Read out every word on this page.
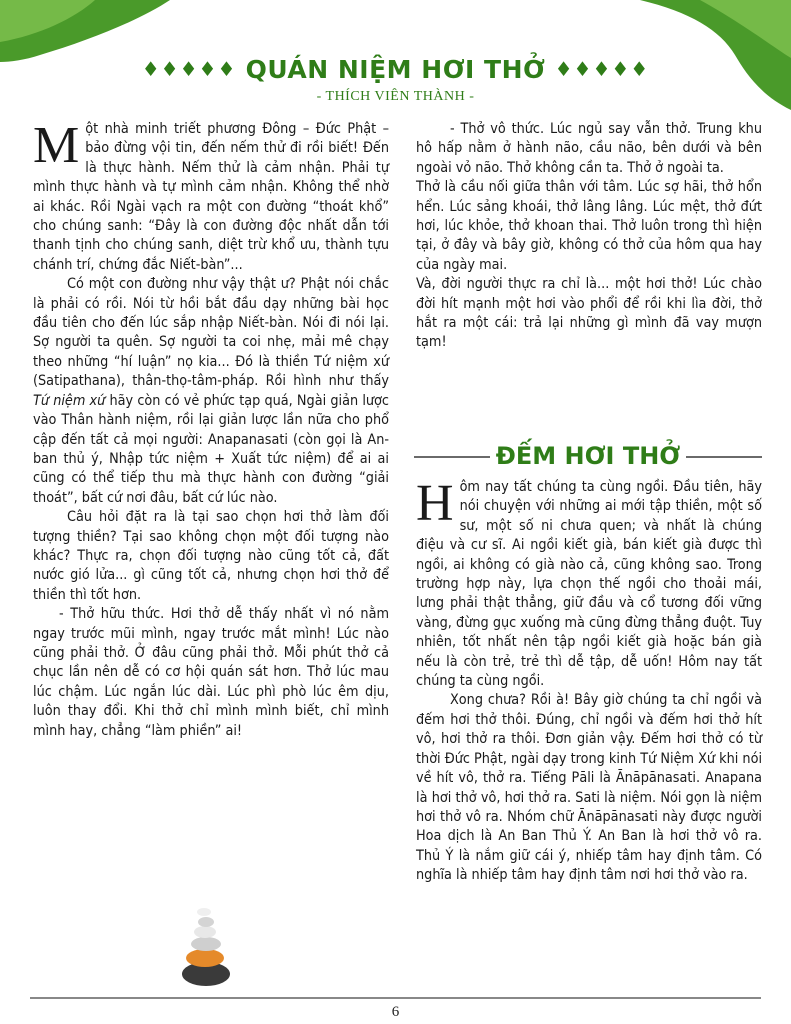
♦♦♦♦♦ QUÁN NIỆM HƠI THỞ ♦♦♦♦♦
- THÍCH VIÊN THÀNH -

Một nhà minh triết phương Đông – Đức Phật – bảo đừng vội tin, đến nếm thử đi rồi biết! Đến là thực hành. Nếm thử là cảm nhận. Phải tự mình thực hành và tự mình cảm nhận. Không thể nhờ ai khác. Rồi Ngài vạch ra một con đường “thoát khổ” cho chúng sanh: “Đây là con đường độc nhất dẫn tới thanh tịnh cho chúng sanh, diệt trừ khổ ưu, thành tựu chánh trí, chứng đắc Niết-bàn”...

Có một con đường như vậy thật ư? Phật nói chắc là phải có rồi. Nói từ hồi bắt đầu dạy những bài học đầu tiên cho đến lúc sắp nhập Niết-bàn. Nói đi nói lại. Sợ người ta quên. Sợ người ta coi nhẹ, mải mê chạy theo những “hí luận” nọ kia... Đó là thiền Tứ niệm xứ (Satipathana), thân-thọ-tâm-pháp. Rồi hình như thấy Tứ niệm xứ hãy còn có vẻ phức tạp quá, Ngài giản lược vào Thân hành niệm, rồi lại giản lược lần nữa cho phổ cập đến tất cả mọi người: Anapanasati (còn gọi là An-ban thủ ý, Nhập tức niệm + Xuất tức niệm) để ai ai cũng có thể tiếp thu mà thực hành con đường “giải thoát”, bất cứ nơi đâu, bất cứ lúc nào.

Câu hỏi đặt ra là tại sao chọn hơi thở làm đối tượng thiền? Tại sao không chọn một đối tượng nào khác? Thực ra, chọn đối tượng nào cũng tốt cả, đất nước gió lửa... gì cũng tốt cả, nhưng chọn hơi thở để thiền thì tốt hơn.

- Thở hữu thức. Hơi thở dễ thấy nhất vì nó nằm ngay trước mũi mình, ngay trước mắt mình! Lúc nào cũng phải thở. Ở đâu cũng phải thở. Mỗi phút thở cả chục lần nên dễ có cơ hội quán sát hơn. Thở lúc mau lúc chậm. Lúc ngắn lúc dài. Lúc phì phò lúc êm dịu, luôn thay đổi. Khi thở chỉ mình mình biết, chỉ mình mình hay, chẳng “làm phiền” ai!

- Thở vô thức. Lúc ngủ say vẫn thở. Trung khu hô hấp nằm ở hành não, cầu não, bên dưới và bên ngoài vỏ não. Thở không cần ta. Thở ở ngoài ta.

Thở là cầu nối giữa thân với tâm. Lúc sợ hãi, thở hổn hển. Lúc sảng khoái, thở lâng lâng. Lúc mệt, thở đứt hơi, lúc khỏe, thở khoan thai. Thở luôn trong thì hiện tại, ở đây và bây giờ, không có thở của hôm qua hay của ngày mai.

Và, đời người thực ra chỉ là... một hơi thở! Lúc chào đời hít mạnh một hơi vào phổi để rồi khi lìa đời, thở hắt ra một cái: trả lại những gì mình đã vay mượn tạm!

ĐẾM HƠI THỞ

Hôm nay tất chúng ta cùng ngồi. Đầu tiên, hãy nói chuyện với những ai mới tập thiền, một số sư, một số ni chưa quen; và nhất là chúng điệu và cư sĩ. Ai ngồi kiết già, bán kiết già được thì ngồi, ai không có già nào cả, cũng không sao. Trong trường hợp này, lựa chọn thế ngồi cho thoải mái, lưng phải thật thẳng, giữ đầu và cổ tương đối vững vàng, đừng gục xuống mà cũng đừng thẳng đuột. Tuy nhiên, tốt nhất nên tập ngồi kiết già hoặc bán già nếu là còn trẻ, trẻ thì dễ tập, dễ uốn! Hôm nay tất chúng ta cùng ngồi.

Xong chưa? Rồi à! Bây giờ chúng ta chỉ ngồi và đếm hơi thở thôi. Đúng, chỉ ngồi và đếm hơi thở hít vô, hơi thở ra thôi. Đơn giản vậy. Đếm hơi thở có từ thời Đức Phật, ngài dạy trong kinh Tứ Niệm Xứ khi nói về hít vô, thở ra. Tiếng Pāli là Ānāpānasati. Anapana là hơi thở vô, hơi thở ra. Sati là niệm. Nói gọn là niệm hơi thở vô ra. Nhóm chữ Ānāpānasati này được người Hoa dịch là An Ban Thủ Ý. An Ban là hơi thở vô ra. Thủ Ý là nắm giữ cái ý, nhiếp tâm hay định tâm. Có nghĩa là nhiếp tâm hay định tâm nơi hơi thở vào ra.

6
